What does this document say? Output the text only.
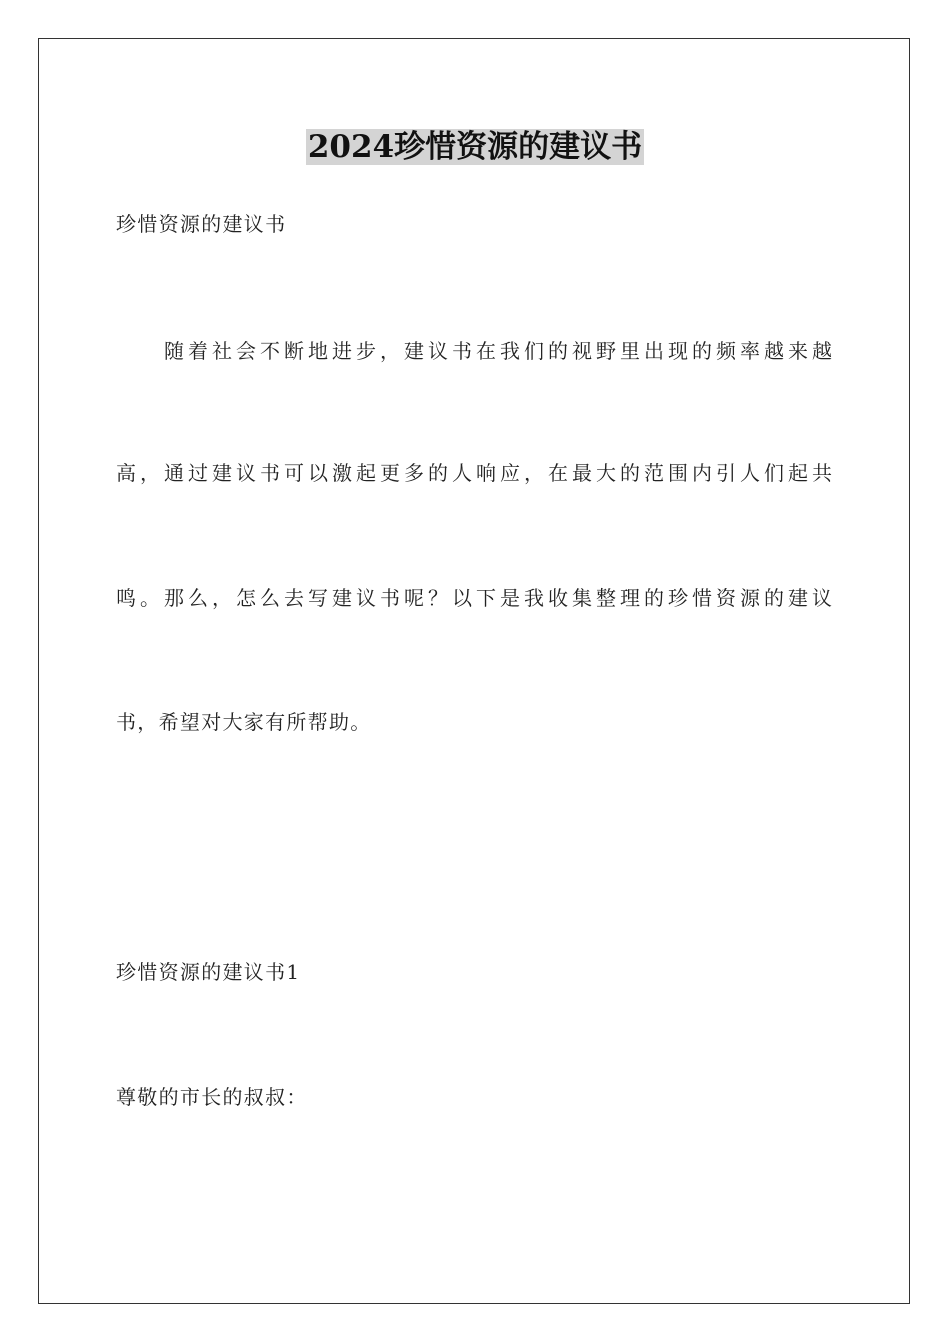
2024珍惜资源的建议书
珍惜资源的建议书
随着社会不断地进步，建议书在我们的视野里出现的频率越来越
高，通过建议书可以激起更多的人响应，在最大的范围内引人们起共
鸣。那么，怎么去写建议书呢？以下是我收集整理的珍惜资源的建议
书，希望对大家有所帮助。
珍惜资源的建议书1
尊敬的市长的叔叔：
